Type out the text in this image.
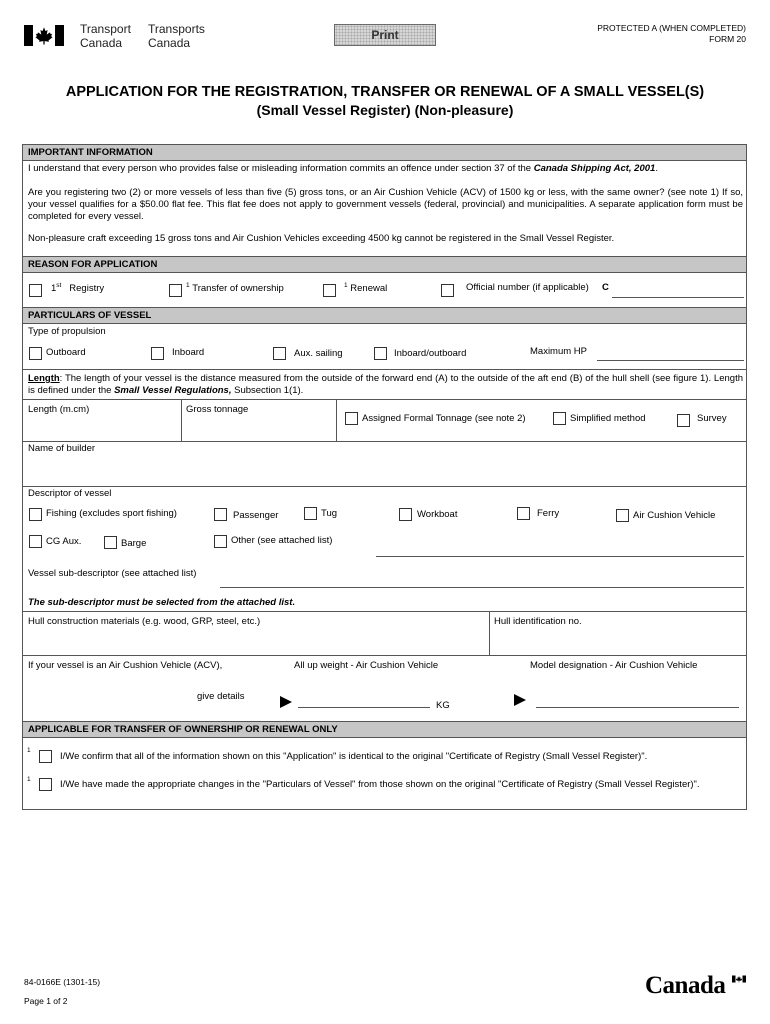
Transport
Canada
Transports
Canada
Print	PROTECTED A (WHEN COMPLETED)
FORM 20
APPLICATION FOR THE REGISTRATION, TRANSFER OR RENEWAL OF A SMALL VESSEL(S)
(Small Vessel Register) (Non-pleasure)
IMPORTANT INFORMATION
I understand that every person who provides false or misleading information commits an offence under section 37 of the Canada Shipping Act, 2001.
Are you registering two (2) or more vessels of less than five (5) gross tons, or an Air Cushion Vehicle (ACV) of 1500 kg or less, with the same owner? (see note 1) If so, your vessel qualifies for a $50.00 flat fee. This flat fee does not apply to government vessels (federal, provincial) and municipalities. A separate application form must be completed for every vessel.
Non-pleasure craft exceeding 15 gross tons and Air Cushion Vehicles exceeding 4500 kg cannot be registered in the Small Vessel Register.
REASON FOR APPLICATION
1st Registry	$^1$ Transfer of ownership	$^1$ Renewal	Official number (if applicable) C
PARTICULARS OF VESSEL
Type of propulsion
Outboard	Inboard	Aux. sailing	Inboard/outboard	Maximum HP
Length: The length of your vessel is the distance measured from the outside of the forward end (A) to the outside of the aft end (B) of the hull shell (see figure 1). Length is defined under the Small Vessel Regulations, Subsection 1(1).
Length (m.cm)	Gross tonnage
Assigned Formal Tonnage (see note 2)	Simplified method	Survey
Name of builder
Descriptor of vessel
Fishing (excludes sport fishing)	Passenger	Tug	Workboat	Ferry	Air Cushion Vehicle
CG Aux.	Barge	Other (see attached list)
Vessel sub-descriptor (see attached list)
The sub-descriptor must be selected from the attached list.
Hull construction materials (e.g. wood, GRP, steel, etc.)	Hull identification no.
If your vessel is an Air Cushion Vehicle (ACV),	All up weight - Air Cushion Vehicle	Model designation - Air Cushion Vehicle
give details
KG
APPLICABLE FOR TRANSFER OF OWNERSHIP OR RENEWAL ONLY
1
I/We confirm that all of the information shown on this "Application" is identical to the original "Certificate of Registry (Small Vessel Register)".
1	I/We have made the appropriate changes in the "Particulars of Vessel" from those shown on the original "Certificate of Registry (Small Vessel Register)".
84-0166E (1301-15)
Page 1 of 2
Canada
